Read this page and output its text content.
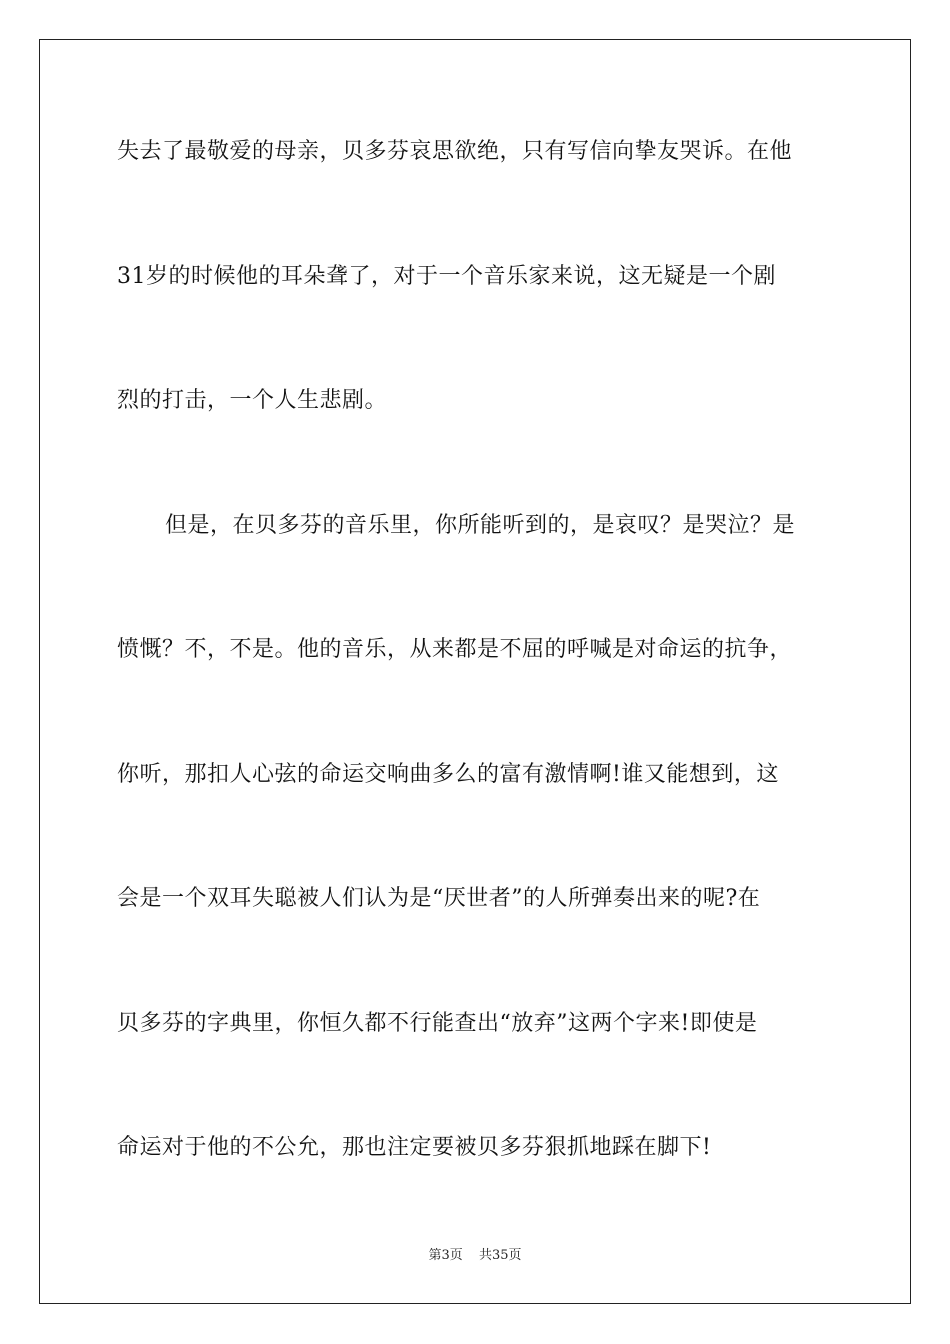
失去了最敬爱的母亲，贝多芬哀思欲绝，只有写信向挚友哭诉。在他
31岁的时候他的耳朵聋了，对于一个音乐家来说，这无疑是一个剧
烈的打击，一个人生悲剧。
但是，在贝多芬的音乐里，你所能听到的，是哀叹？是哭泣？是
愤慨？不，不是。他的音乐，从来都是不屈的呼喊是对命运的抗争，
你听，那扣人心弦的命运交响曲多么的富有激情啊!谁又能想到，这
会是一个双耳失聪被人们认为是“厌世者”的人所弹奏出来的呢?在
贝多芬的字典里，你恒久都不行能查出“放弃”这两个字来!即使是
命运对于他的不公允，那也注定要被贝多芬狠抓地踩在脚下!
第3页 共35页
